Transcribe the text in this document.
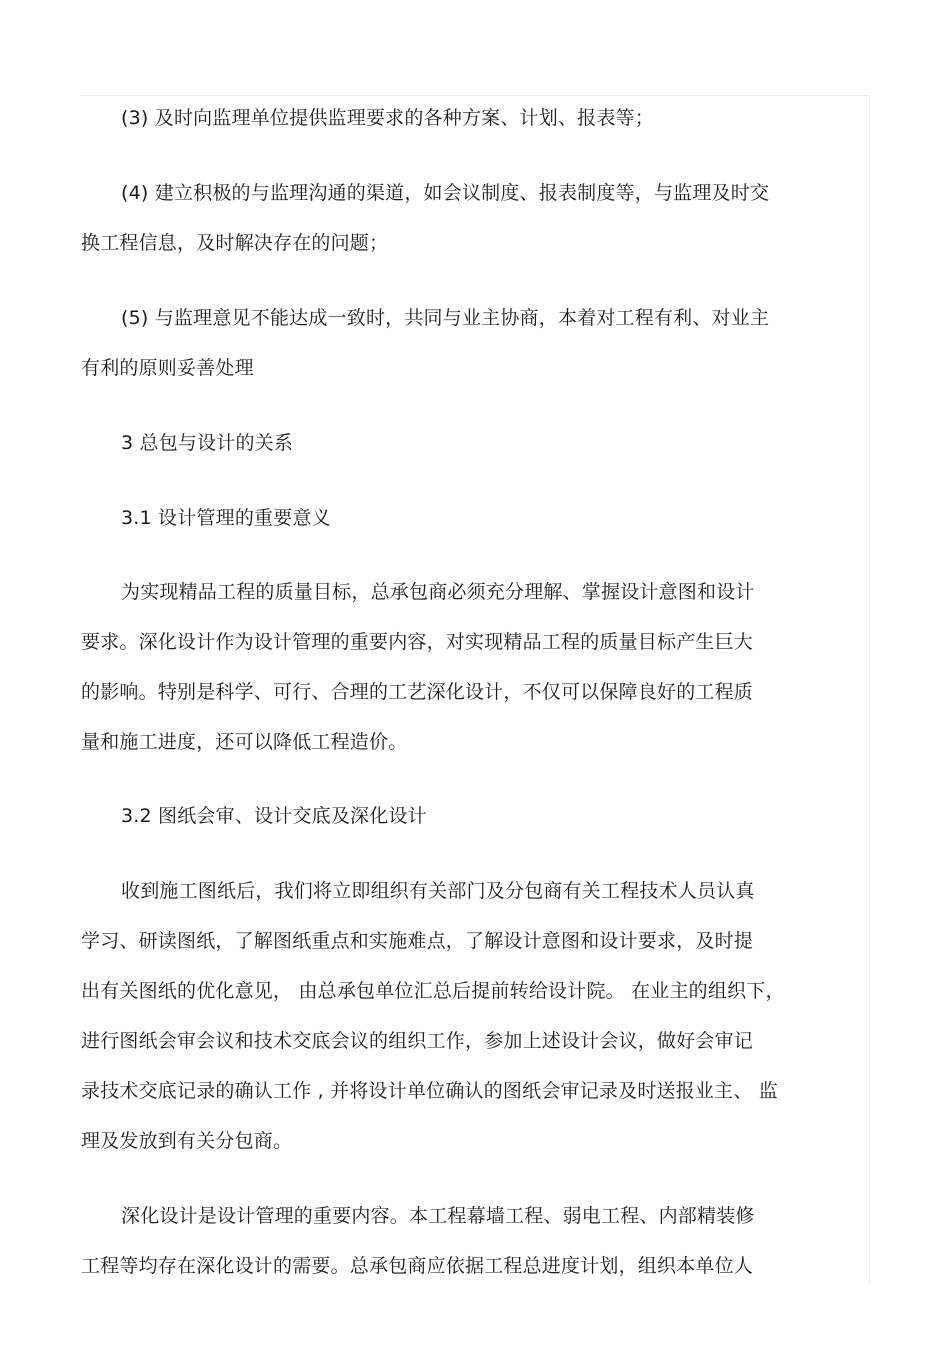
(3) 及时向监理单位提供监理要求的各种方案、计划、报表等；
(4) 建立积极的与监理沟通的渠道，如会议制度、报表制度等，与监理及时交
换工程信息，及时解决存在的问题；
(5) 与监理意见不能达成一致时，共同与业主协商，本着对工程有利、对业主
有利的原则妥善处理
3 总包与设计的关系
3.1 设计管理的重要意义
为实现精品工程的质量目标，总承包商必须充分理解、掌握设计意图和设计
要求。深化设计作为设计管理的重要内容，对实现精品工程的质量目标产生巨大
的影响。特别是科学、可行、合理的工艺深化设计，不仅可以保障良好的工程质
量和施工进度，还可以降低工程造价。
3.2 图纸会审、设计交底及深化设计
收到施工图纸后，我们将立即组织有关部门及分包商有关工程技术人员认真
学习、研读图纸，了解图纸重点和实施难点，了解设计意图和设计要求，及时提
出有关图纸的优化意见， 由总承包单位汇总后提前转给设计院。 在业主的组织下，
进行图纸会审会议和技术交底会议的组织工作，参加上述设计会议，做好会审记
录技术交底记录的确认工作 , 并将设计单位确认的图纸会审记录及时送报业主、 监
理及发放到有关分包商。
深化设计是设计管理的重要内容。本工程幕墙工程、弱电工程、内部精装修
工程等均存在深化设计的需要。总承包商应依据工程总进度计划，组织本单位人
